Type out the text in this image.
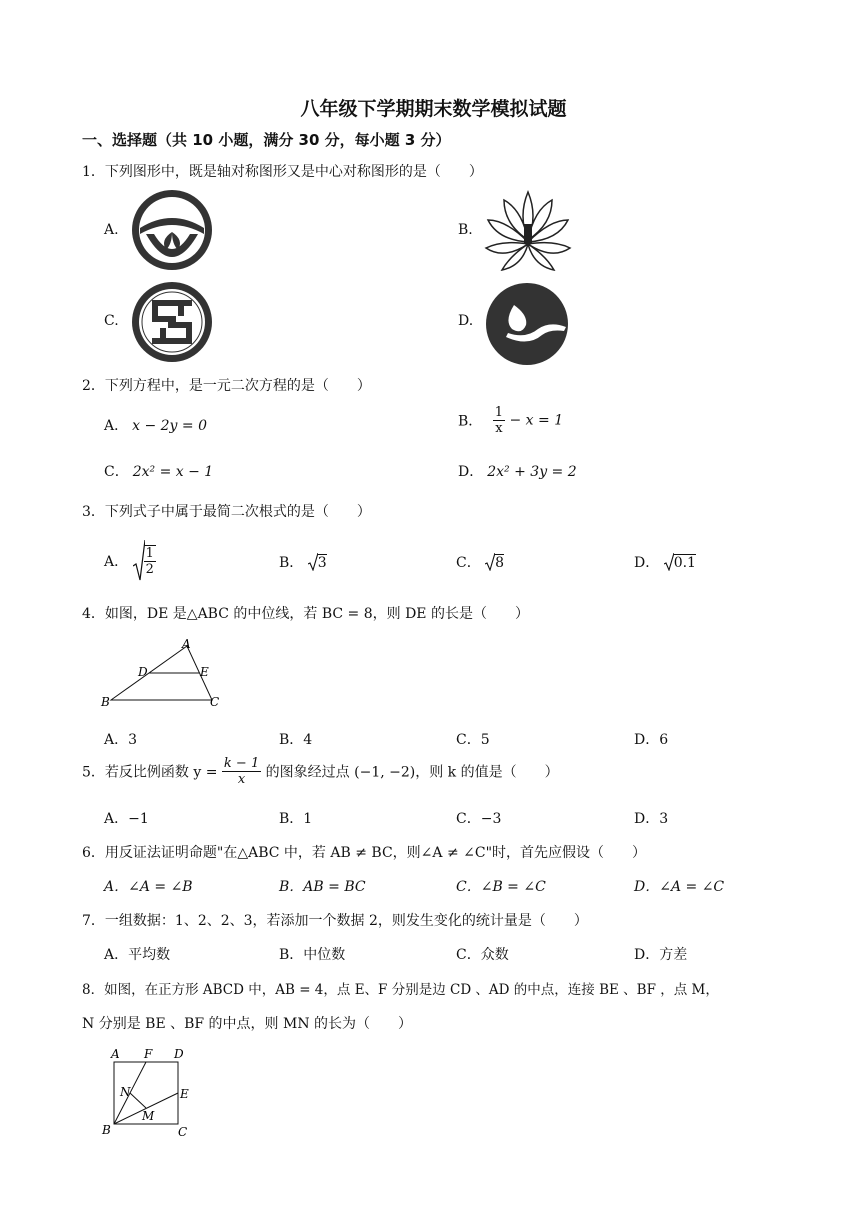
八年级下学期期末数学模拟试题
一、选择题（共 10 小题，满分 30 分，每小题 3 分）
1．下列图形中，既是轴对称图形又是中心对称图形的是（　　）
A.	B.
C.	D.
2．下列方程中，是一元二次方程的是（　　）
A． x − 2y = 0	B． $\frac{1}{x} - x = 1$
C． 2x² = x − 1	D． 2x² + 3y = 2
3．下列式子中属于最简二次根式的是（　　）
A． $\frac{1}{2}$	B． 3	C． 8	D． 0.1
4．如图，DE 是△ABC 的中位线，若 BC = 8，则 DE 的长是（　　）
A
D	E
B	C
A．3	B．4	C．5	D．6
5．若反比例函数 $y = \frac{k - 1}{x}$ 的图象经过点 (−1, −2)，则 k 的值是（　　）
A．−1	B．1	C．−3	D．3
6．用反证法证明命题"在△ABC 中，若 AB ≠ BC，则∠A ≠ ∠C"时，首先应假设（　　）
A．∠A = ∠B	B．AB = BC	C．∠B = ∠C	D．∠A = ∠C
7．一组数据：1、2、2、3，若添加一个数据 2，则发生变化的统计量是（　　）
A．平均数	B．中位数	C．众数	D．方差
8．如图，在正方形 ABCD 中，AB = 4，点 E、F 分别是边 CD 、AD 的中点，连接 BE 、BF ，点 M，
N 分别是 BE 、BF 的中点，则 MN 的长为（　　）
A F D
N	E
M
B	C
